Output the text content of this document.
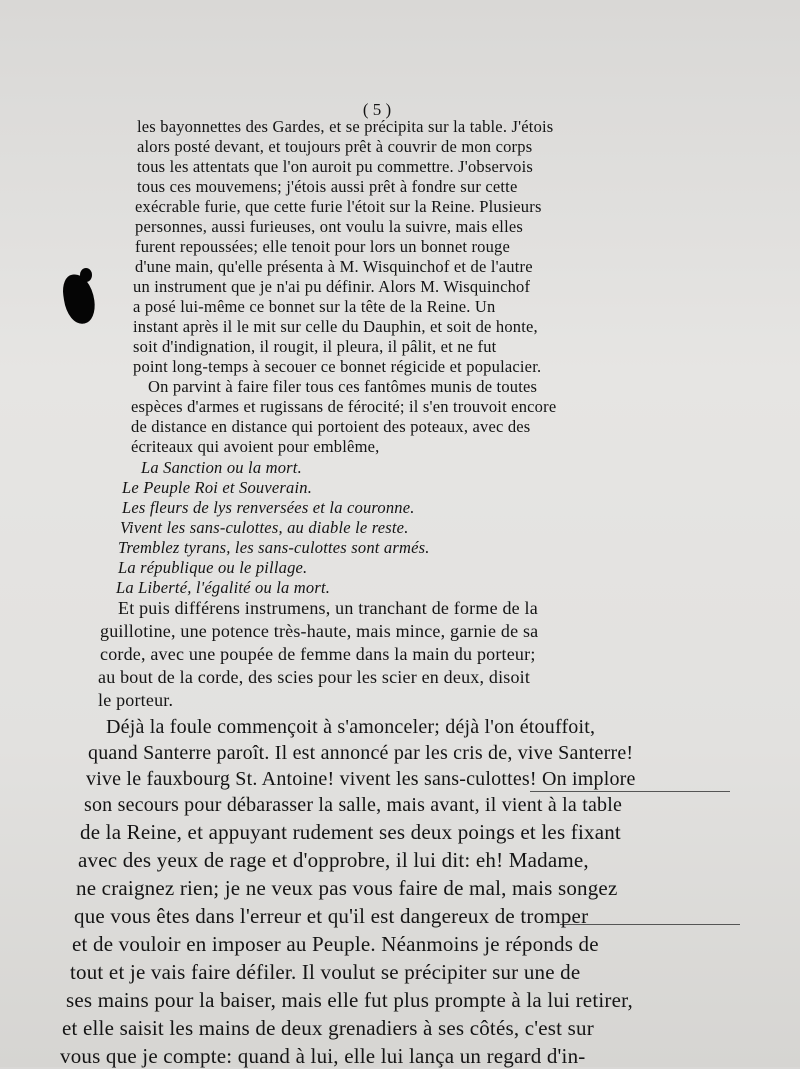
( 5 )
les bayonnettes des Gardes, et se précipita sur la table. J'étois
alors posté devant, et toujours prêt à couvrir de mon corps
tous les attentats que l'on auroit pu commettre. J'observois
tous ces mouvemens; j'étois aussi prêt à fondre sur cette
exécrable furie, que cette furie l'étoit sur la Reine. Plusieurs
personnes, aussi furieuses, ont voulu la suivre, mais elles
furent repoussées; elle tenoit pour lors un bonnet rouge
d'une main, qu'elle présenta à M. Wisquinchof et de l'autre
un instrument que je n'ai pu définir. Alors M. Wisquinchof
a posé lui-même ce bonnet sur la tête de la Reine. Un
instant après il le mit sur celle du Dauphin, et soit de honte,
soit d'indignation, il rougit, il pleura, il pâlit, et ne fut
point long-temps à secouer ce bonnet régicide et populacier.
On parvint à faire filer tous ces fantômes munis de toutes
espèces d'armes et rugissans de férocité; il s'en trouvoit encore
de distance en distance qui portoient des poteaux, avec des
écriteaux qui avoient pour emblême,
La Sanction ou la mort.
Le Peuple Roi et Souverain.
Les fleurs de lys renversées et la couronne.
Vivent les sans-culottes, au diable le reste.
Tremblez tyrans, les sans-culottes sont armés.
La république ou le pillage.
La Liberté, l'égalité ou la mort.
Et puis différens instrumens, un tranchant de forme de la
guillotine, une potence très-haute, mais mince, garnie de sa
corde, avec une poupée de femme dans la main du porteur;
au bout de la corde, des scies pour les scier en deux, disoit
le porteur.
Déjà la foule commençoit à s'amonceler; déjà l'on étouffoit,
quand Santerre paroît. Il est annoncé par les cris de, vive Santerre!
vive le fauxbourg St. Antoine! vivent les sans-culottes! On implore
son secours pour débarasser la salle, mais avant, il vient à la table
de la Reine, et appuyant rudement ses deux poings et les fixant
avec des yeux de rage et d'opprobre, il lui dit: eh! Madame,
ne craignez rien; je ne veux pas vous faire de mal, mais songez
que vous êtes dans l'erreur et qu'il est dangereux de tromper
et de vouloir en imposer au Peuple. Néanmoins je réponds de
tout et je vais faire défiler. Il voulut se précipiter sur une de
ses mains pour la baiser, mais elle fut plus prompte à la lui retirer,
et elle saisit les mains de deux grenadiers à ses côtés, c'est sur
vous que je compte: quand à lui, elle lui lança un regard d'in-
